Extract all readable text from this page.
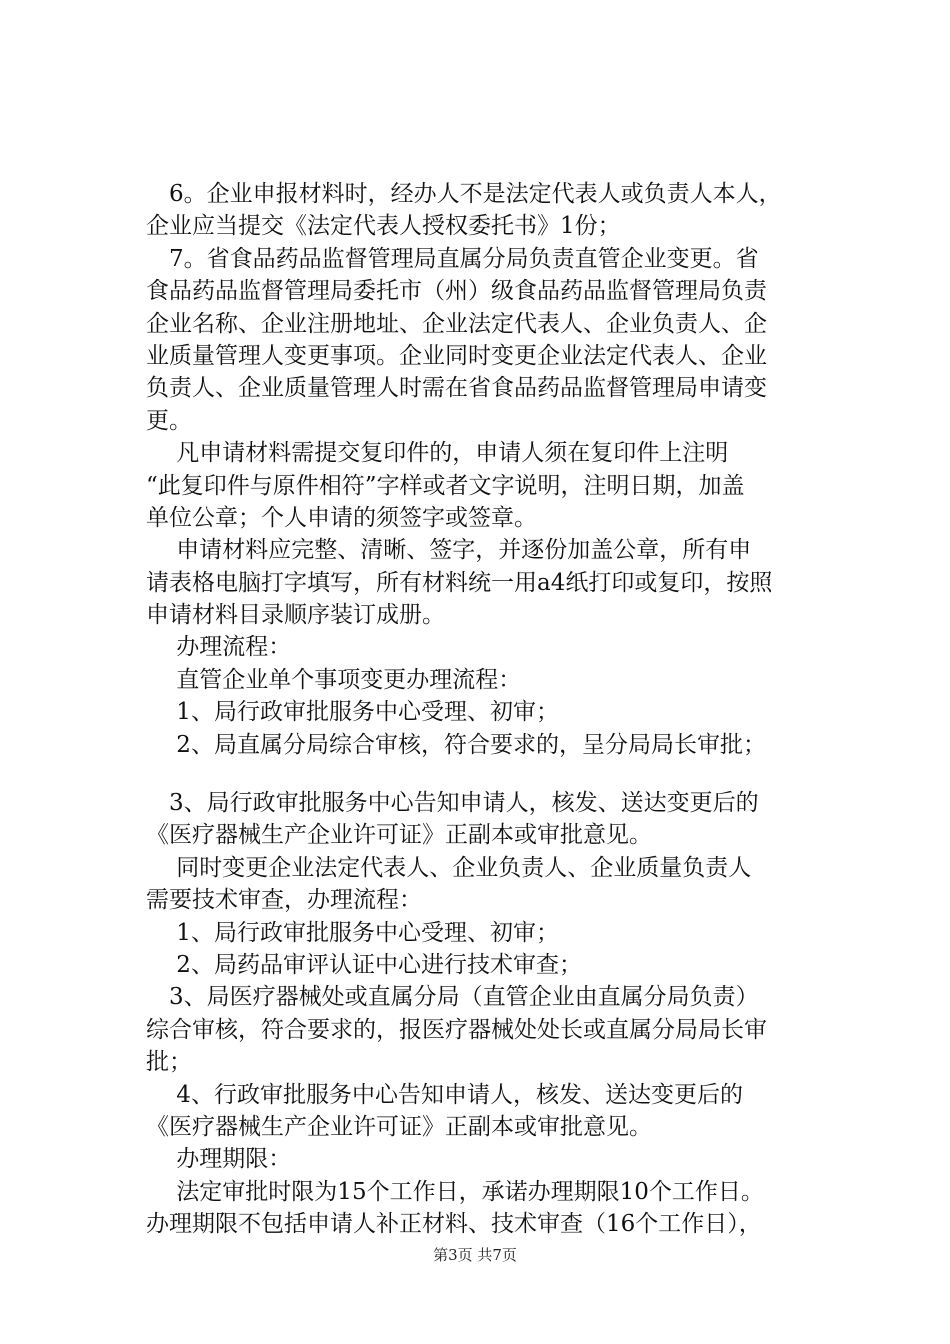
　6。企业申报材料时，经办人不是法定代表人或负责人本人，
企业应当提交《法定代表人授权委托书》1份；
　7。省食品药品监督管理局直属分局负责直管企业变更。省
食品药品监督管理局委托市（州）级食品药品监督管理局负责
企业名称、企业注册地址、企业法定代表人、企业负责人、企
业质量管理人变更事项。企业同时变更企业法定代表人、企业
负责人、企业质量管理人时需在省食品药品监督管理局申请变
更。
　 凡申请材料需提交复印件的，申请人须在复印件上注明
“此复印件与原件相符”字样或者文字说明，注明日期，加盖
单位公章；个人申请的须签字或签章。
　 申请材料应完整、清晰、签字，并逐份加盖公章，所有申
请表格电脑打字填写，所有材料统一用a4纸打印或复印，按照
申请材料目录顺序装订成册。
　 办理流程：
　 直管企业单个事项变更办理流程：
　 1、局行政审批服务中心受理、初审；
　 2、局直属分局综合审核，符合要求的，呈分局局长审批；
　3、局行政审批服务中心告知申请人，核发、送达变更后的
《医疗器械生产企业许可证》正副本或审批意见。
　 同时变更企业法定代表人、企业负责人、企业质量负责人
需要技术审查，办理流程：
　 1、局行政审批服务中心受理、初审；
　 2、局药品审评认证中心进行技术审查；
　3、局医疗器械处或直属分局（直管企业由直属分局负责）
综合审核，符合要求的，报医疗器械处处长或直属分局局长审
批；
　 4、行政审批服务中心告知申请人，核发、送达变更后的
《医疗器械生产企业许可证》正副本或审批意见。
　 办理期限：
　 法定审批时限为15个工作日，承诺办理期限10个工作日。
办理期限不包括申请人补正材料、技术审查（16个工作日），
第3页 共7页
